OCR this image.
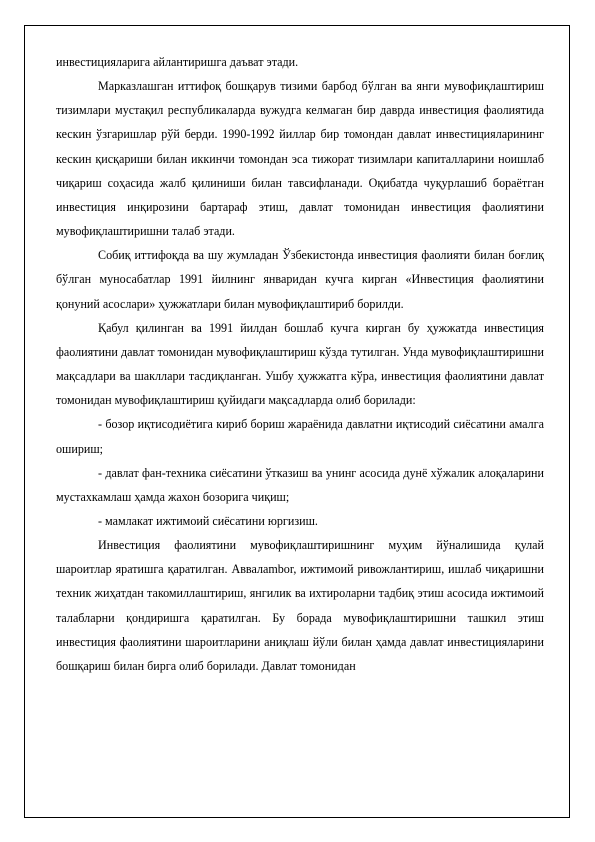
инвестицияларига айлантиришга даъват этади.

Марказлашган иттифоқ бошқарув тизими барбод бўлган ва янги мувофиқлаштириш тизимлари мустақил республикаларда вужудга келмаган бир даврда инвестиция фаолиятида кескин ўзгаришлар рўй берди. 1990-1992 йиллар бир томондан давлат инвестицияларининг кескин қисқариши билан иккинчи томондан эса тижорат тизимлари капиталларини ноишлаб чиқариш соҳасида жалб қилиниши билан тавсифланади. Оқибатда чуқурлашиб бораётган инвестиция инқирозини бартараф этиш, давлат томонидан инвестиция фаолиятини мувофиқлаштиришни талаб этади.

Собиқ иттифоқда ва шу жумладан Ўзбекистонда инвестиция фаолияти билан боғлиқ бўлган муносабатлар 1991 йилнинг январидан кучга кирган «Инвестиция фаолиятини қонуний асослари» ҳужжатлари билан мувофиқлаштириб борилди.

Қабул қилинган ва 1991 йилдан бошлаб кучга кирган бу ҳужжатда инвестиция фаолиятини давлат томонидан мувофиқлаштириш кўзда тутилган. Унда мувофиқлаштиришни мақсадлари ва шакллари тасдиқланган. Ушбу ҳужжатга кўра, инвестиция фаолиятини давлат томонидан мувофиқлаштириш қуйидаги мақсадларда олиб борилади:

- бозор иқтисодиётига кириб бориш жараёнида давлатни иқтисодий сиёсатини амалга ошириш;

- давлат фан-техника сиёсатини ўтказиш ва унинг асосида дунё хўжалик алоқаларини мустахкамлаш ҳамда жахон бозорига чиқиш;

- мамлакат ижтимоий сиёсатини юргизиш.

Инвестиция фаолиятини мувофиқлаштиришнинг муҳим йўналишида қулай шароитлар яратишга қаратилган. Аввалambor, ижтимоий ривожлантириш, ишлаб чиқаришни техник жиҳатдан такомиллаштириш, янгилик ва ихтироларни тадбиқ этиш асосида ижтимоий талабларни қондиришга қаратилган. Бу борада мувофиқлаштиришни ташкил этиш инвестиция фаолиятини шароитларини аниқлаш йўли билан ҳамда давлат инвестицияларини бошқариш билан бирга олиб борилади. Давлат томонидан
